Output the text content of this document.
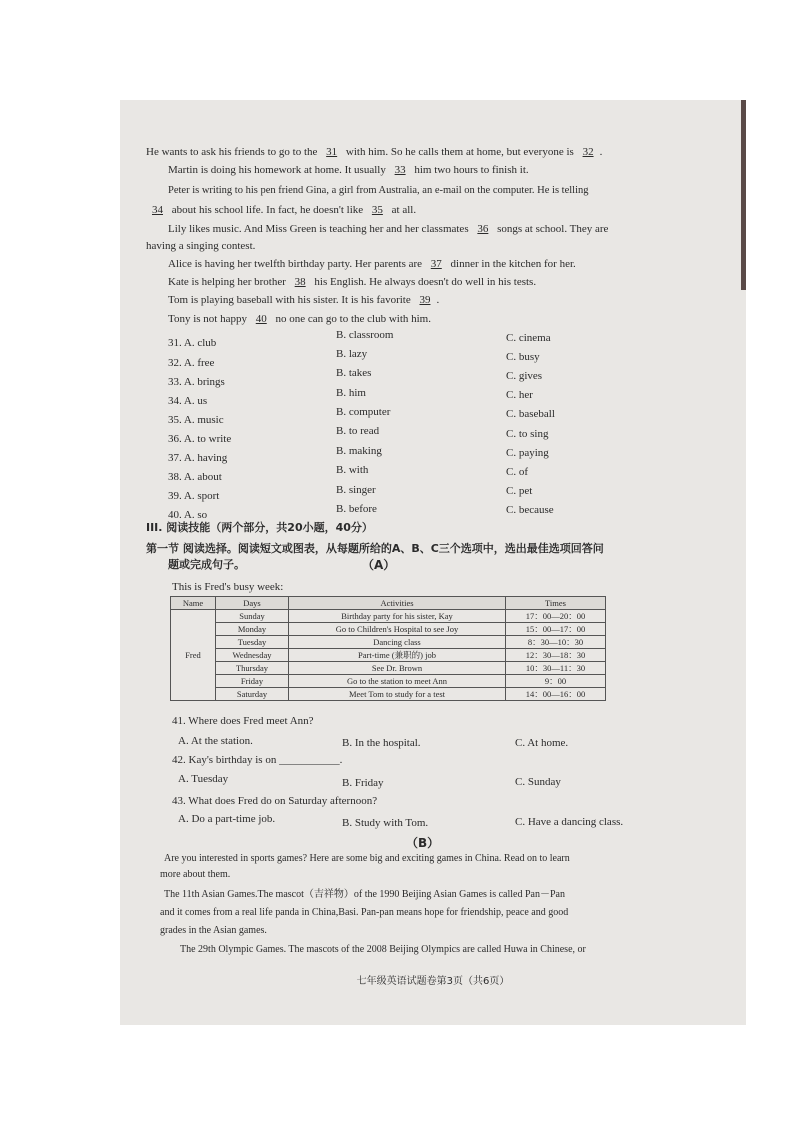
He wants to ask his friends to go to the 31 with him. So he calls them at home, but everyone is 32 .
Martin is doing his homework at home. It usually 33 him two hours to finish it.
Peter is writing to his pen friend Gina, a girl from Australia, an e-mail on the computer. He is telling
34 about his school life. In fact, he doesn't like 35 at all.
Lily likes music. And Miss Green is teaching her and her classmates 36 songs at school. They are
having a singing contest.
Alice is having her twelfth birthday party. Her parents are 37 dinner in the kitchen for her.
Kate is helping her brother 38 his English. He always doesn't do well in his tests.
Tom is playing baseball with his sister. It is his favorite 39 .
Tony is not happy 40 no one can go to the club with him.
31. A. club
B. classroom	C. cinema
32. A. free
B. lazy	C. busy
33. A. brings
B. takes	C. gives
34. A. us
B. him	C. her
35. A. music
B. computer	C. baseball
36. A. to write
B. to read	C. to sing
37. A. having
B. making	C. paying
38. A. about
B. with	C. of
39. A. sport	B. singer	C. pet
40. A. so	B. before	C. because
III. 阅读技能（两个部分，共20小题，40分）
第一节 阅读选择。阅读短文或图表，从每题所给的A、B、C三个选项中，选出最佳选项回答问
题或完成句子。	（A）
This is Fred's busy week:
Name	Days	Activities	Times
Fred	Sunday	Birthday party for his sister, Kay	17：00—20：00
	Monday	Go to Children's Hospital to see Joy	15：00—17：00
	Tuesday	Dancing class	8：30—10：30
	Wednesday	Part-time (兼职的) job	12：30—18：30
	Thursday	See Dr. Brown	10：30—11：30
	Friday	Go to the station to meet Ann	9：00
	Saturday	Meet Tom to study for a test	14：00—16：00
41. Where does Fred meet Ann?
A. At the station.	B. In the hospital.	C. At home.
42. Kay's birthday is on ___________.
A. Tuesday	B. Friday	C. Sunday
43. What does Fred do on Saturday afternoon?
A. Do a part-time job.	B. Study with Tom.	C. Have a dancing class.
（B）
Are you interested in sports games? Here are some big and exciting games in China. Read on to learn
more about them.
The 11th Asian Games.The mascot（吉祥物）of the 1990 Beijing Asian Games is called Pan－Pan
and it comes from a real life panda in China,Basi. Pan-pan means hope for friendship, peace and good
grades in the Asian games.
The 29th Olympic Games. The mascots of the 2008 Beijing Olympics are called Huwa in Chinese, or
七年级英语试题卷第3页（共6页）
